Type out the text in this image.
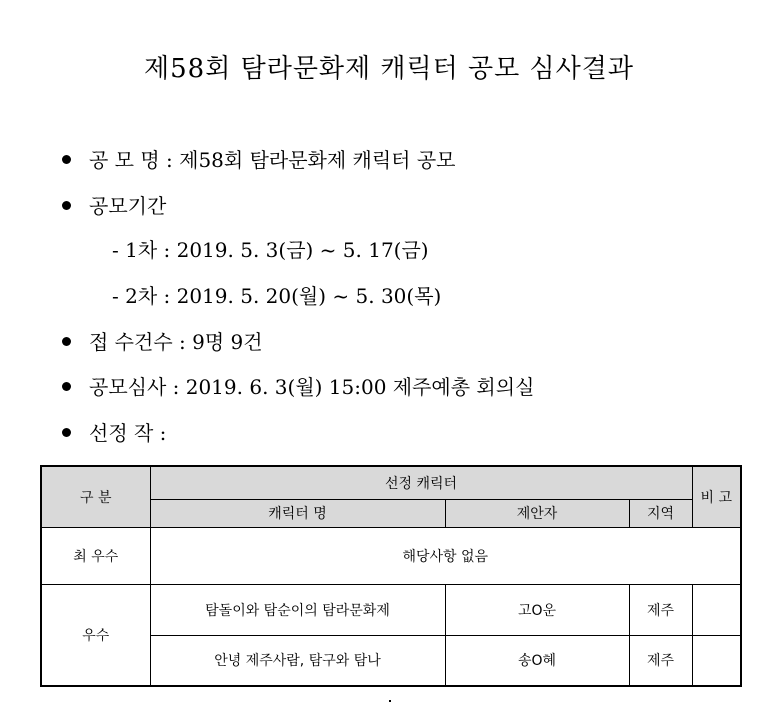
제58회 탐라문화제 캐릭터 공모 심사결과
공 모 명 : 제58회 탐라문화제 캐릭터 공모
공모기간
- 1차 : 2019. 5. 3(금) ~ 5. 17(금)
- 2차 : 2019. 5. 20(월) ~ 5. 30(목)
접 수건수 : 9명 9건
공모심사 : 2019. 6. 3(월) 15:00 제주예총 회의실
선정 작 :
구 분	선정 캐릭터			비 고
	캐릭터 명	제안자	지역	
최 우수	해당사항 없음			
우수	탐돌이와 탐순이의 탐라문화제	고O운	제주	
	안녕 제주사람, 탐구와 탐나	송O혜	제주	
